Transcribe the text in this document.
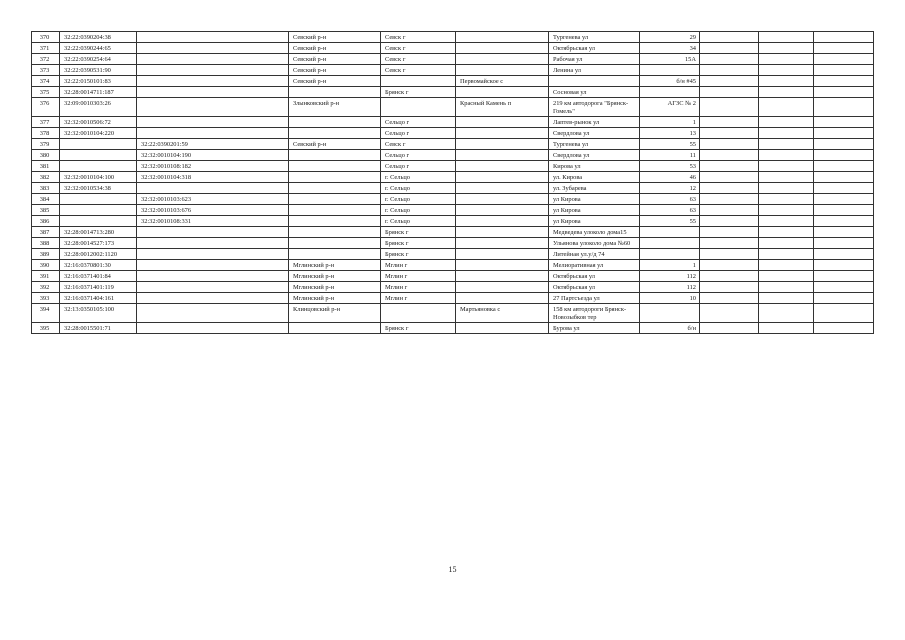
370	32:22:0390204:38		Севский р-н	Севск г		Тургенева ул	29			
371	32:22:0390244:65		Севский р-н	Севск г		Октябрьская ул	34			
372	32:22:0390254:64		Севский р-н	Севск г		Рабочая ул	15А			
373	32:22:0390531:90		Севский р-н	Севск г		Ленина ул				
374	32:22:0150101:83		Севский р-н		Первомайское с		б/н #45			
375	32:28:0014711:187			Брянск г		Сосновая ул				
376	32:09:0010303:26		Злынковский р-н		Красный Камень п	219 км автодорога "Брянск-Гомель"	АГЗС № 2			
377	32:32:0010506:72			Сельцо г		Лаптев-рынок ул	1			
378	32:32:0010104:220			Сельцо г		Свердлова ул	13			
379		32:22:0390201:59	Севский р-н	Севск г		Тургенева ул	55			
380		32:32:0010104:190		Сельцо г		Свердлова ул	11			
381		32:32:0010108:182		Сельцо г		Кирова ул	53			
382	32:32:0010104:100	32:32:0010104:318		г. Сельцо		ул. Кирова	46			
383	32:32:0010534:38			г. Сельцо		ул. Зубарева	12			
384		32:32:0010103:623		г. Сельцо		ул Кирова	63			
385		32:32:0010103:676		г. Сельцо		ул Кирова	63			
386		32:32:0010108:331		г. Сельцо		ул Кирова	55			
387	32:28:0014713:280			Брянск г		Медведева улоколо дома15				
388	32:28:0014527:173			Брянск г		Ульянова улоколо дома №60				
389	32:28:0012002:1120			Брянск г		Литейная ул.у/д 74				
390	32:16:0370801:30		Мглинский р-н	Мглин г		Мелиоративная ул	1			
391	32:16:0371401:84		Мглинский р-н	Мглин г		Октябрьская ул	112			
392	32:16:0371401:119		Мглинский р-н	Мглин г		Октябрьская ул	112			
393	32:16:0371404:161		Мглинский р-н	Мглин г		27 Партсъезда ул	10			
394	32:13:0350105:100		Клинцовский р-н		Мартьяновка с	158 км автодороги Брянск-Новозыбков тер				
395	32:28:0015501:71			Брянск г		Бурова ул	б/н			
15
